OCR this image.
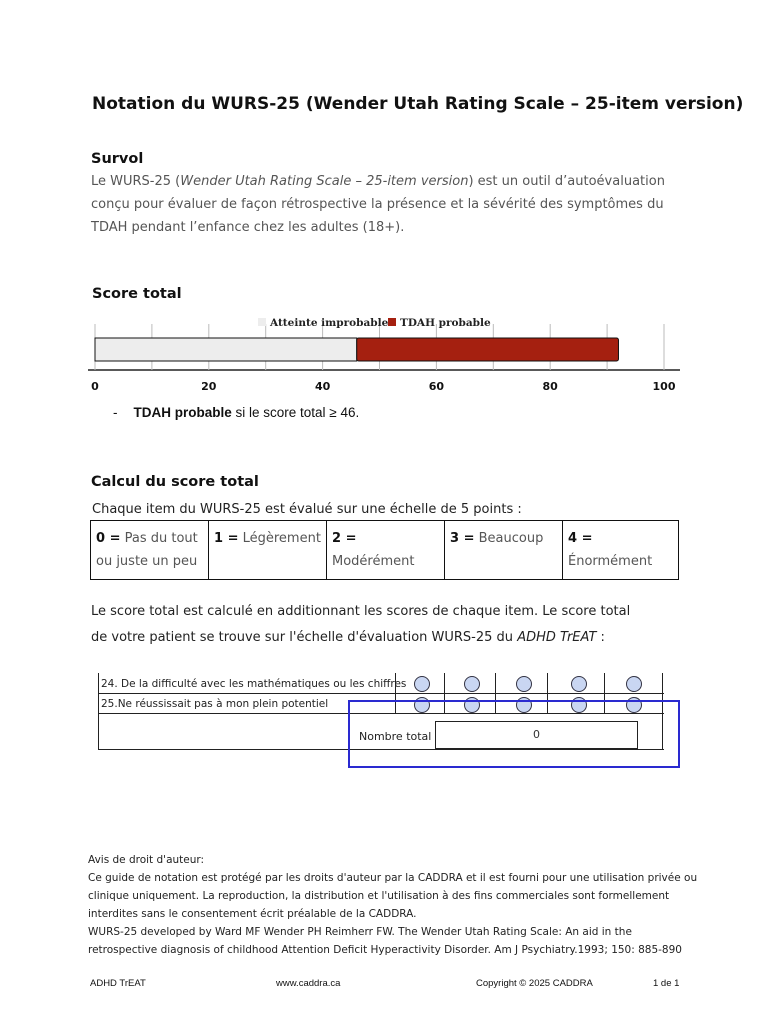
Notation du WURS-25 (Wender Utah Rating Scale – 25-item version)
Survol
Le WURS-25 (Wender Utah Rating Scale – 25-item version) est un outil d’autoévaluation conçu pour évaluer de façon rétrospective la présence et la sévérité des symptômes du TDAH pendant l’enfance chez les adultes (18+).
Score total
Atteinte improbable TDAH probable
0	20	40	60	80	100
- TDAH probable si le score total ≥ 46.
Calcul du score total
Chaque item du WURS-25 est évalué sur une échelle de 5 points :
0 = Pas du tout ou juste un peu	1 = Légèrement	2 = Modérément	3 = Beaucoup	4 = Énormément
Le score total est calculé en additionnant les scores de chaque item. Le score total
de votre patient se trouve sur l'échelle d'évaluation WURS-25 du ADHD TrEAT :
24. De la difficulté avec les mathématiques ou les chiffres
25.Ne réussissait pas à mon plein potentiel
Nombre total	0
Avis de droit d'auteur:
Ce guide de notation est protégé par les droits d'auteur par la CADDRA et il est fourni pour une utilisation privée ou clinique uniquement. La reproduction, la distribution et l'utilisation à des fins commerciales sont formellement interdites sans le consentement écrit préalable de la CADDRA.
WURS-25 developed by Ward MF Wender PH Reimherr FW. The Wender Utah Rating Scale: An aid in the retrospective diagnosis of childhood Attention Deficit Hyperactivity Disorder. Am J Psychiatry.1993; 150: 885-890
ADHD TrEAT	www.caddra.ca	Copyright © 2025 CADDRA	1 de 1
